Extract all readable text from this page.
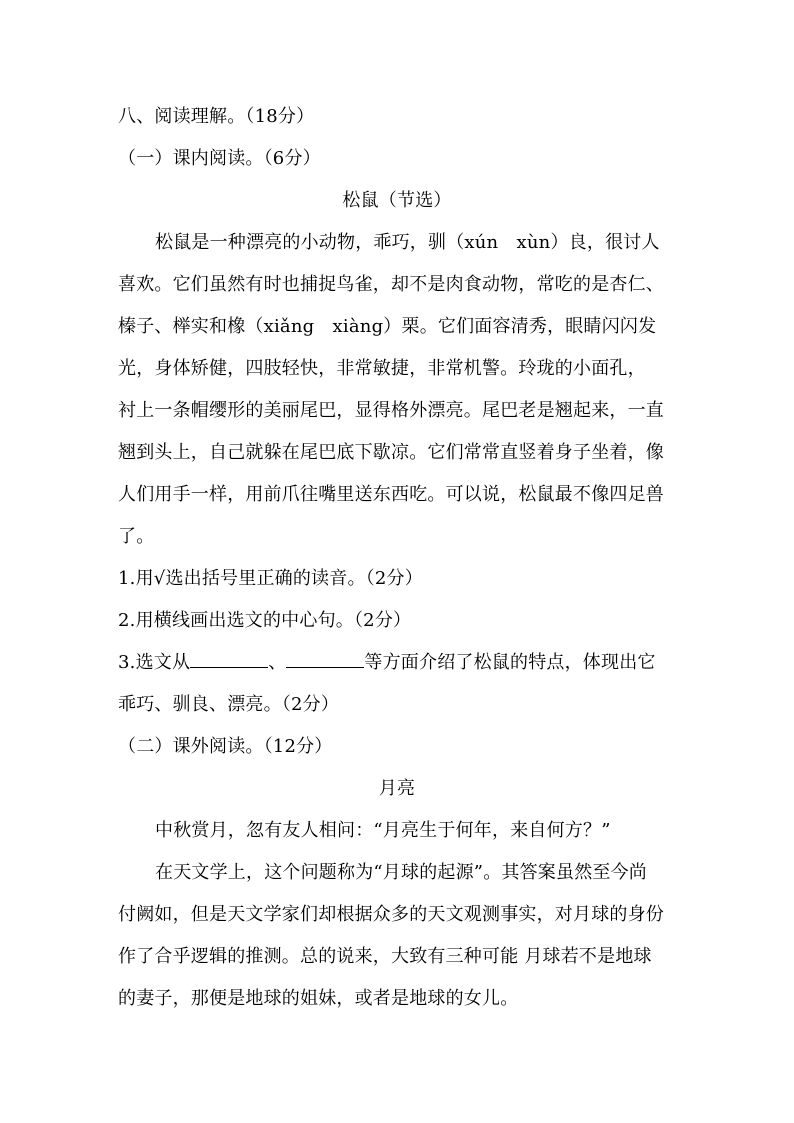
八、阅读理解。（18分）
（一）课内阅读。（6分）
松鼠（节选）
松鼠是一种漂亮的小动物，乖巧，驯（xún　xùn）良，很讨人
喜欢。它们虽然有时也捕捉鸟雀，却不是肉食动物，常吃的是杏仁、
榛子、榉实和橡（xiǎng　xiàng）栗。它们面容清秀，眼睛闪闪发
光，身体矫健，四肢轻快，非常敏捷，非常机警。玲珑的小面孔，
衬上一条帽缨形的美丽尾巴，显得格外漂亮。尾巴老是翘起来，一直
翘到头上，自己就躲在尾巴底下歇凉。它们常常直竖着身子坐着，像
人们用手一样，用前爪往嘴里送东西吃。可以说，松鼠最不像四足兽
了。
1.用√选出括号里正确的读音。（2分）
2.用横线画出选文的中心句。（2分）
3.选文从	、	等方面介绍了松鼠的特点，体现出它
乖巧、驯良、漂亮。（2分）
（二）课外阅读。（12分）
月亮
中秋赏月，忽有友人相问：“月亮生于何年，来自何方？”
在天文学上，这个问题称为“月球的起源”。其答案虽然至今尚
付阙如，但是天文学家们却根据众多的天文观测事实，对月球的身份
作了合乎逻辑的推测。总的说来，大致有三种可能 月球若不是地球
的妻子，那便是地球的姐妹，或者是地球的女儿。
